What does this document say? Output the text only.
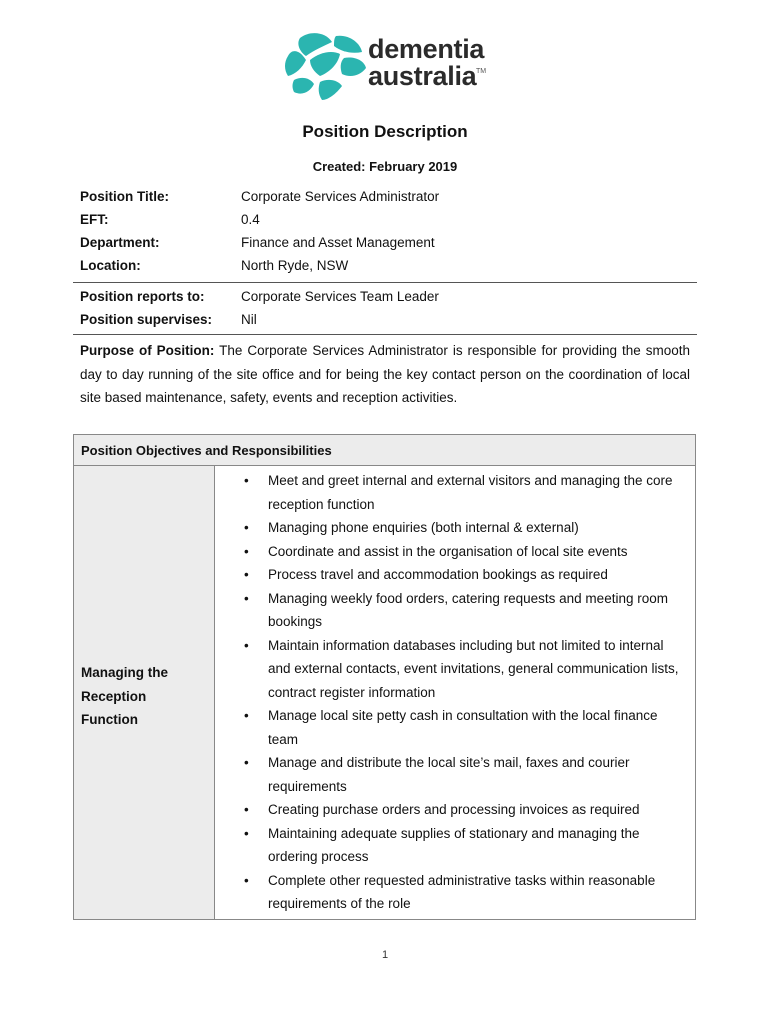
dementia
australia TM
Position Description
Created: February 2019
Position Title:	Corporate Services Administrator
EFT:	0.4
Department:	Finance and Asset Management
Location:	North Ryde, NSW
Position reports to:	Corporate Services Team Leader
Position supervises: Nil
Purpose of Position: The Corporate Services Administrator is responsible for providing the smooth day to day running of the site office and for being the key contact person on the coordination of local site based maintenance, safety, events and reception activities.
Position Objectives and Responsibilities
Managing the Reception Function
• Meet and greet internal and external visitors and managing the core reception function
• Managing phone enquiries (both internal & external)
• Coordinate and assist in the organisation of local site events
• Process travel and accommodation bookings as required
• Managing weekly food orders, catering requests and meeting room bookings
• Maintain information databases including but not limited to internal and external contacts, event invitations, general communication lists, contract register information
• Manage local site petty cash in consultation with the local finance team
• Manage and distribute the local site’s mail, faxes and courier requirements
• Creating purchase orders and processing invoices as required
• Maintaining adequate supplies of stationary and managing the ordering process
• Complete other requested administrative tasks within reasonable requirements of the role
1
